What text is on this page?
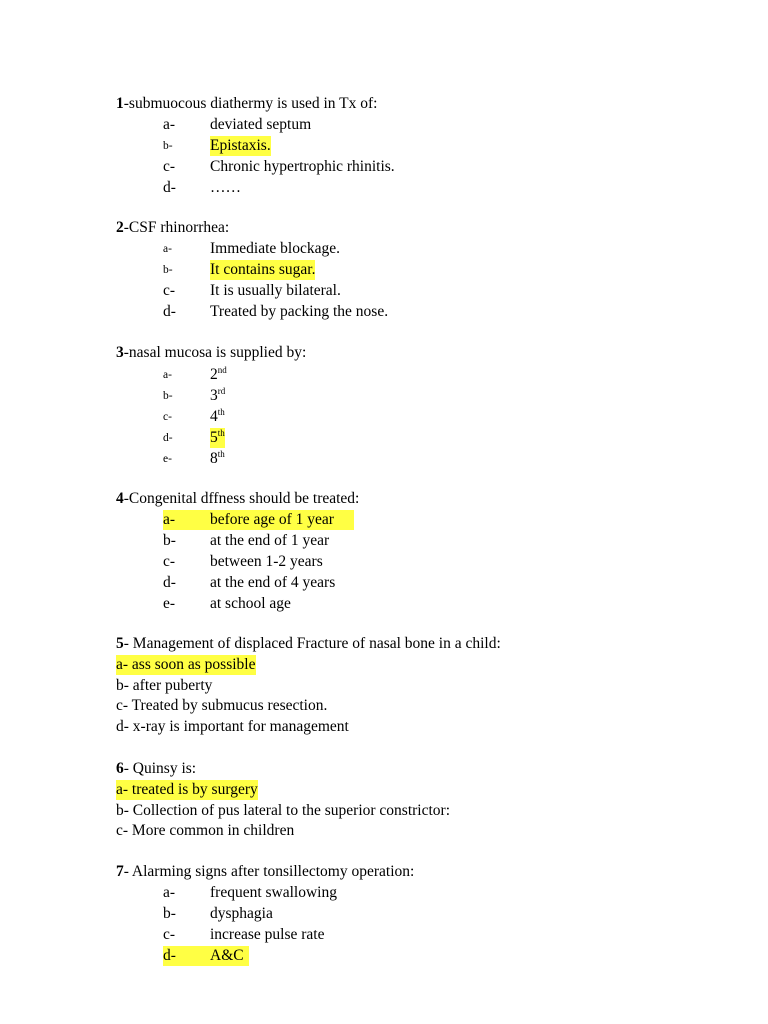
1-submuocous diathermy is used in Tx of:
a- deviated septum
b- Epistaxis.
c- Chronic hypertrophic rhinitis.
d- ……
2-CSF rhinorrhea:
a- Immediate blockage.
b- It contains sugar.
c- It is usually bilateral.
d- Treated by packing the nose.
3-nasal mucosa is supplied by:
a- 2nd
b- 3rd
c- 4th
d- 5th
e- 8th
4-Congenital dffness should be treated:
a- before age of 1 year
b- at the end of 1 year
c- between 1-2 years
d- at the end of 4 years
e- at school age
5- Management of displaced Fracture of nasal bone in a child:
a- ass soon as possible
b- after puberty
c- Treated by submucus resection.
d- x-ray is important for management
6- Quinsy is:
a- treated is by surgery
b- Collection of pus lateral to the superior constrictor:
c- More common in children
7- Alarming signs after tonsillectomy operation:
a- frequent swallowing
b- dysphagia
c- increase pulse rate
d- A&C
